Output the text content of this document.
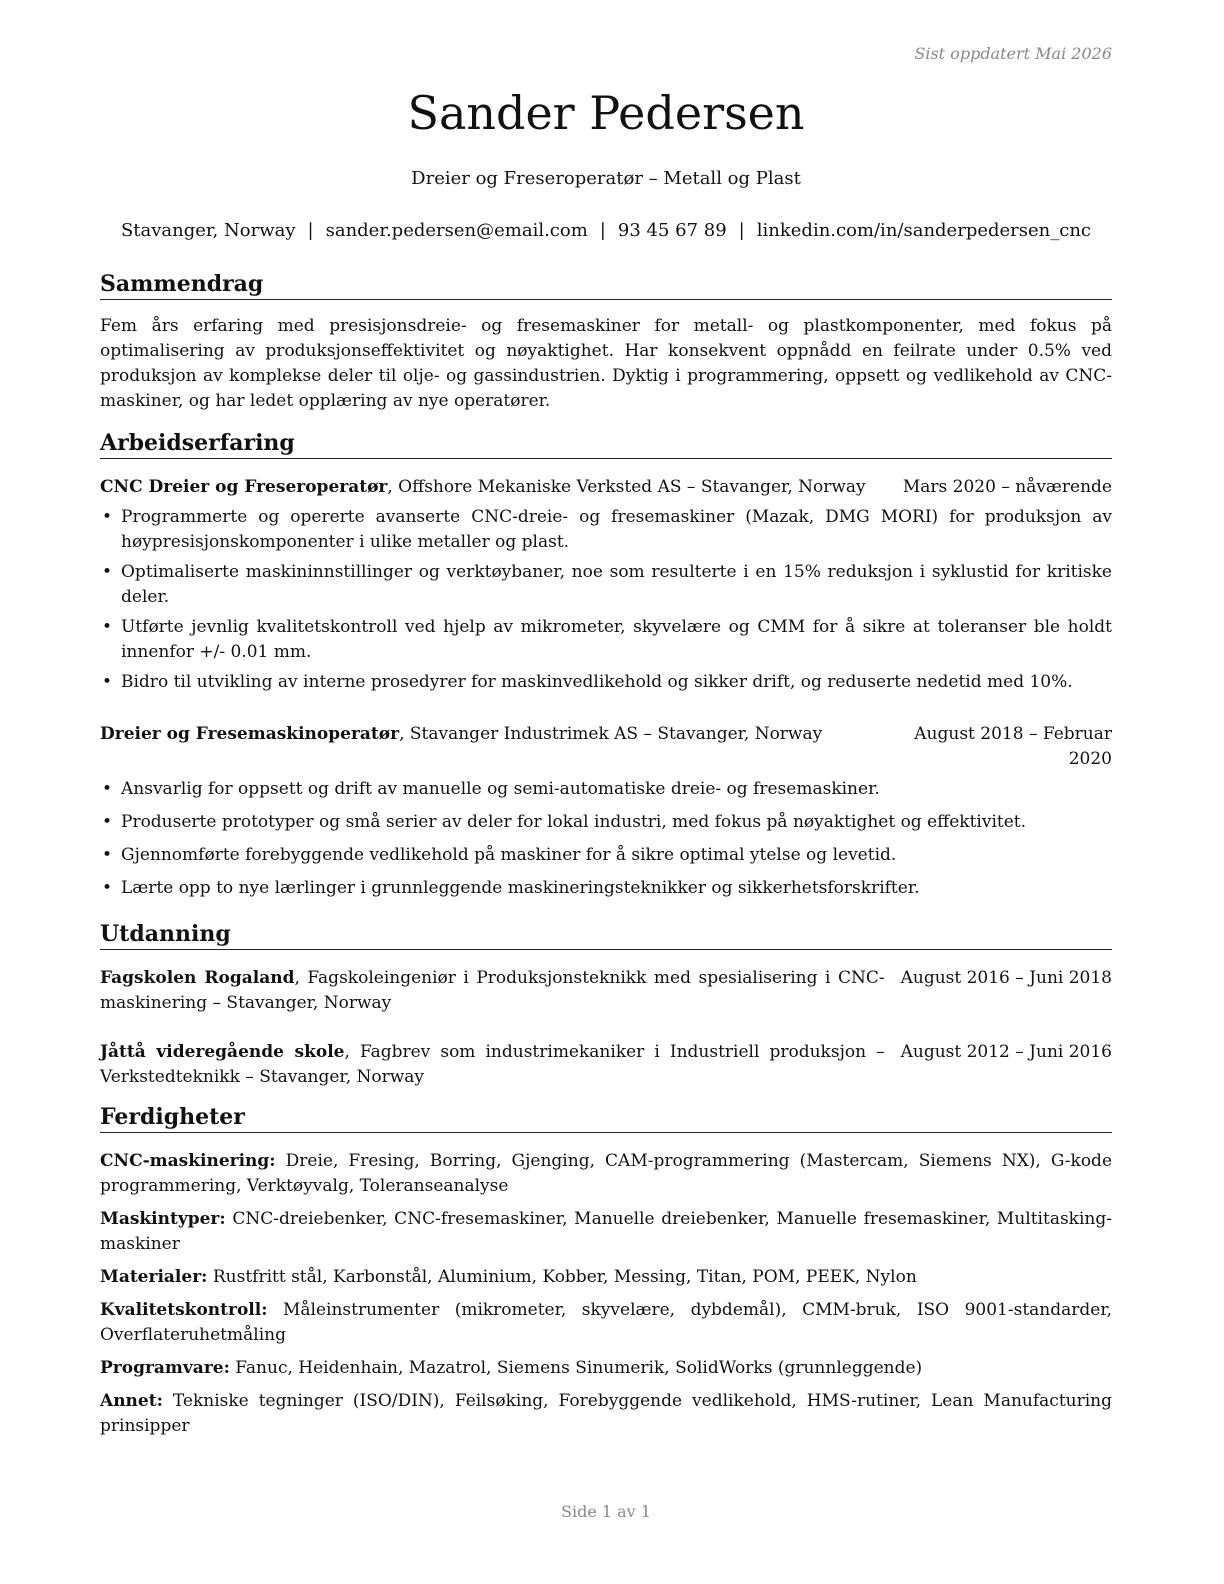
Sist oppdatert Mai 2026
Sander Pedersen
Dreier og Freseroperatør – Metall og Plast
Stavanger, Norway | sander.pedersen@email.com | 93 45 67 89 | linkedin.com/in/sanderpedersen_cnc
Sammendrag

Fem års erfaring med presisjonsdreie- og fresemaskiner for metall- og plastkomponenter, med fokus på optimalisering av produksjonseffektivitet og nøyaktighet. Har konsekvent oppnådd en feilrate under 0.5% ved produksjon av komplekse deler til olje- og gassindustrien. Dyktig i programmering, oppsett og vedlikehold av CNC-maskiner, og har ledet opplæring av nye operatører.

Arbeidserfaring
CNC Dreier og Freseroperatør, Offshore Mekaniske Verksted AS – Stavanger, Norway	Mars 2020 – nåværende
• Programmerte og opererte avanserte CNC-dreie- og fresemaskiner (Mazak, DMG MORI) for produksjon av høypresisjonskomponenter i ulike metaller og plast.
• Optimaliserte maskininnstillinger og verktøybaner, noe som resulterte i en 15% reduksjon i syklustid for kritiske deler.
• Utførte jevnlig kvalitetskontroll ved hjelp av mikrometer, skyvelære og CMM for å sikre at toleranser ble holdt innenfor +/- 0.01 mm.
• Bidro til utvikling av interne prosedyrer for maskinvedlikehold og sikker drift, og reduserte nedetid med 10%.
Dreier og Fresemaskinoperatør, Stavanger Industrimek AS – Stavanger, Norway	August 2018 – Februar 2020
• Ansvarlig for oppsett og drift av manuelle og semi-automatiske dreie- og fresemaskiner.
• Produserte prototyper og små serier av deler for lokal industri, med fokus på nøyaktighet og effektivitet.
• Gjennomførte forebyggende vedlikehold på maskiner for å sikre optimal ytelse og levetid.
• Lærte opp to nye lærlinger i grunnleggende maskineringsteknikker og sikkerhetsforskrifter.
Utdanning
Fagskolen Rogaland, Fagskoleingeniør i Produksjonsteknikk med spesialisering i CNC-maskinering – Stavanger, Norway
August 2016 – Juni 2018
Jåttå videregående skole, Fagbrev som industrimekaniker i Industriell produksjon – Verkstedteknikk – Stavanger, Norway
August 2012 – Juni 2016
Ferdigheter

CNC-maskinering: Dreie, Fresing, Borring, Gjenging, CAM-programmering (Mastercam, Siemens NX), G-kode programmering, Verktøyvalg, Toleranseanalyse

Maskintyper: CNC-dreiebenker, CNC-fresemaskiner, Manuelle dreiebenker, Manuelle fresemaskiner, Multitasking-maskiner

Materialer: Rustfritt stål, Karbonstål, Aluminium, Kobber, Messing, Titan, POM, PEEK, Nylon

Kvalitetskontroll: Måleinstrumenter (mikrometer, skyvelære, dybdemål), CMM-bruk, ISO 9001-standarder, Overflateruhetmåling

Programvare: Fanuc, Heidenhain, Mazatrol, Siemens Sinumerik, SolidWorks (grunnleggende)

Annet: Tekniske tegninger (ISO/DIN), Feilsøking, Forebyggende vedlikehold, HMS-rutiner, Lean Manufacturing prinsipper

Side 1 av 1
